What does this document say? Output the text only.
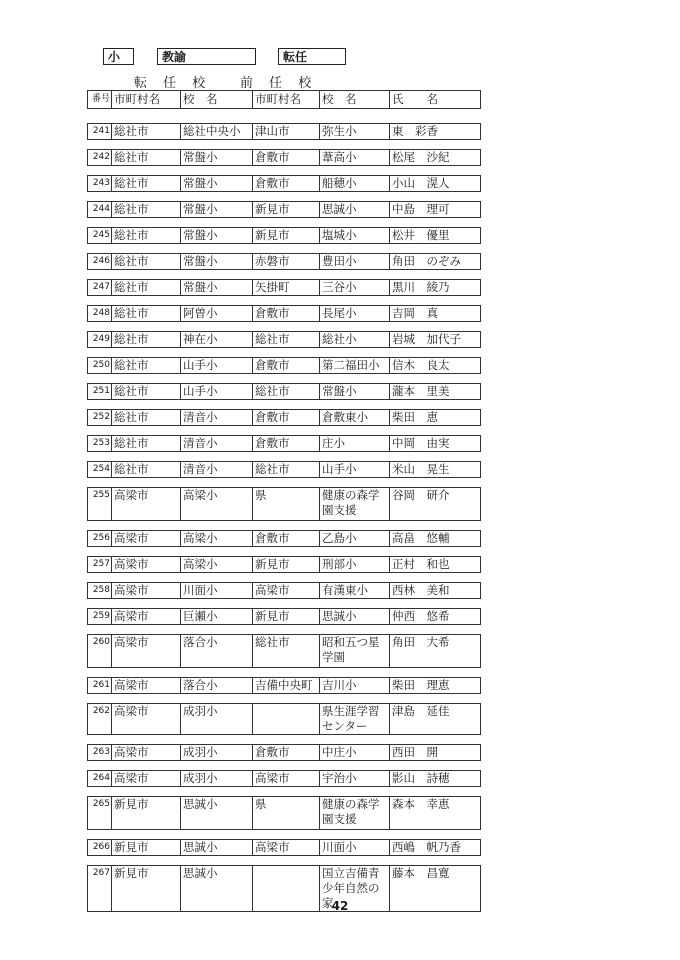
小	教諭	転任
転 任 校 前 任 校
番号	市町村名	校　名	市町村名	校　名	氏　　名

241	総社市	総社中央小	津山市	弥生小	東　彩香

242	総社市	常盤小	倉敷市	葦高小	松尾　沙紀

243	総社市	常盤小	倉敷市	船穂小	小山　滉人

244	総社市	常盤小	新見市	思誠小	中島　理可

245	総社市	常盤小	新見市	塩城小	松井　優里

246	総社市	常盤小	赤磐市	豊田小	角田　のぞみ

247	総社市	常盤小	矢掛町	三谷小	黒川　綾乃

248	総社市	阿曽小	倉敷市	長尾小	吉岡　真

249	総社市	神在小	総社市	総社小	岩城　加代子

250	総社市	山手小	倉敷市	第二福田小	信木　良太

251	総社市	山手小	総社市	常盤小	瀧本　里美

252	総社市	清音小	倉敷市	倉敷東小	柴田　恵

253	総社市	清音小	倉敷市	庄小	中岡　由実

254	総社市	清音小	総社市	山手小	米山　晃生

255	高梁市	高梁小	県	健康の森学園支援	谷岡　研介

256	高梁市	高梁小	倉敷市	乙島小	高畠　悠輔

257	高梁市	高梁小	新見市	刑部小	正村　和也

258	高梁市	川面小	高梁市	有漢東小	西林　美和

259	高梁市	巨瀬小	新見市	思誠小	仲西　悠希

260	高梁市	落合小	総社市	昭和五つ星学園	角田　大希

261	高梁市	落合小	吉備中央町	吉川小	柴田　理恵

262	高梁市	成羽小		県生涯学習センター	津島　延佳

263	高梁市	成羽小	倉敷市	中庄小	西田　開

264	高梁市	成羽小	高梁市	宇治小	影山　詩穂

265	新見市	思誠小	県	健康の森学園支援	森本　幸恵

266	新見市	思誠小	高梁市	川面小	西嶋　帆乃香

267	新見市	思誠小		国立吉備青少年自然の家	藤本　昌寛
42
